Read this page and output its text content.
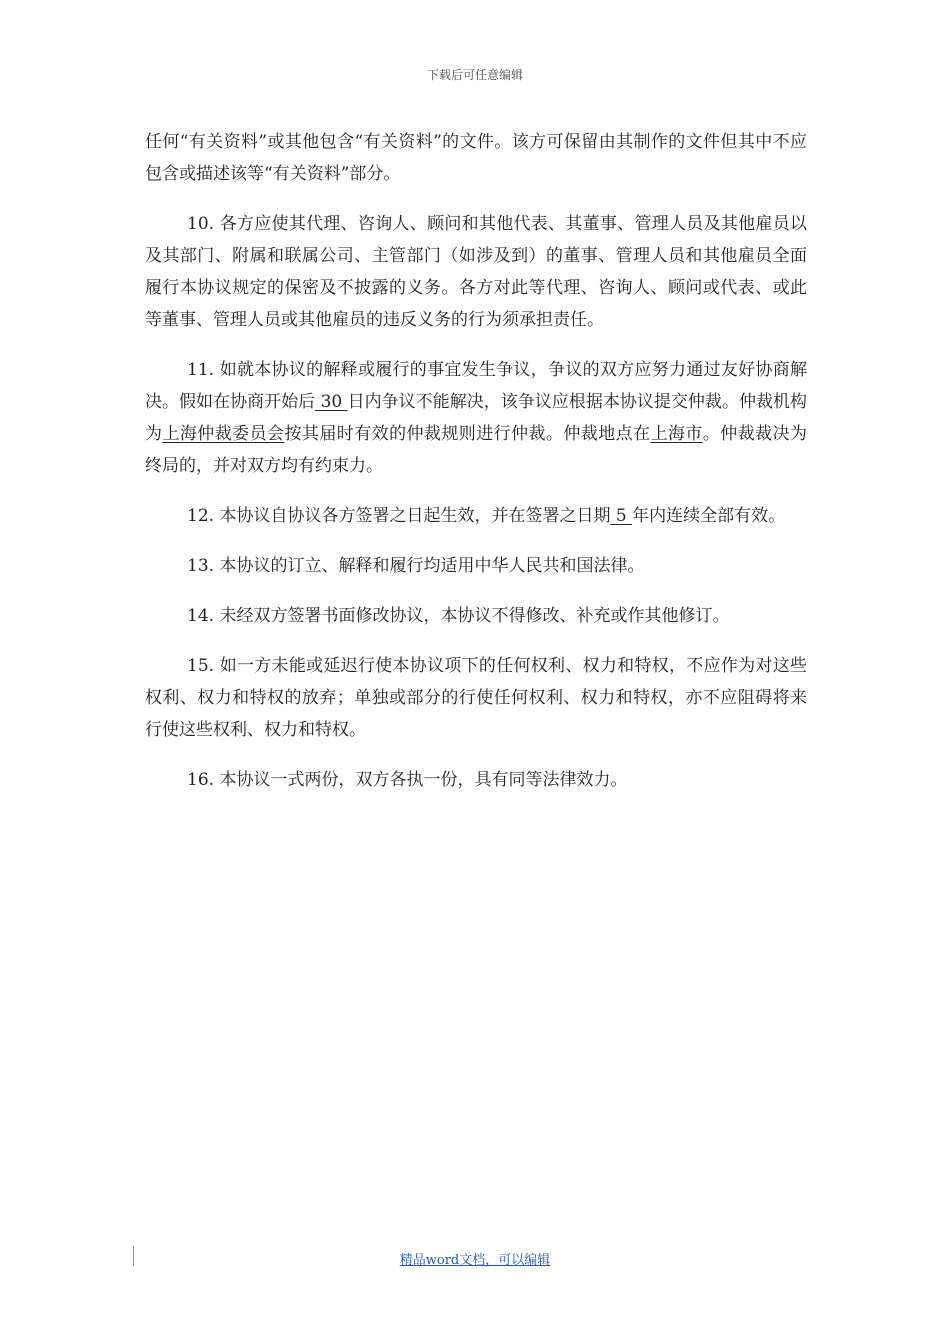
下载后可任意编辑

任何“有关资料”或其他包含“有关资料”的文件。该方可保留由其制作的文件但其中不应包含或描述该等“有关资料”部分。

10. 各方应使其代理、咨询人、顾问和其他代表、其董事、管理人员及其他雇员以及其部门、附属和联属公司、主管部门（如涉及到）的董事、管理人员和其他雇员全面履行本协议规定的保密及不披露的义务。各方对此等代理、咨询人、顾问或代表、或此等董事、管理人员或其他雇员的违反义务的行为须承担责任。

11. 如就本协议的解释或履行的事宜发生争议，争议的双方应努力通过友好协商解决。假如在协商开始后 30 日内争议不能解决，该争议应根据本协议提交仲裁。仲裁机构为上海仲裁委员会按其届时有效的仲裁规则进行仲裁。仲裁地点在上海市。仲裁裁决为终局的，并对双方均有约束力。

12. 本协议自协议各方签署之日起生效，并在签署之日期 5 年内连续全部有效。

13. 本协议的订立、解释和履行均适用中华人民共和国法律。

14. 未经双方签署书面修改协议，本协议不得修改、补充或作其他修订。

15. 如一方未能或延迟行使本协议项下的任何权利、权力和特权，不应作为对这些权利、权力和特权的放弃；单独或部分的行使任何权利、权力和特权，亦不应阻碍将来行使这些权利、权力和特权。

16. 本协议一式两份，双方各执一份，具有同等法律效力。

精品word文档，可以编辑
